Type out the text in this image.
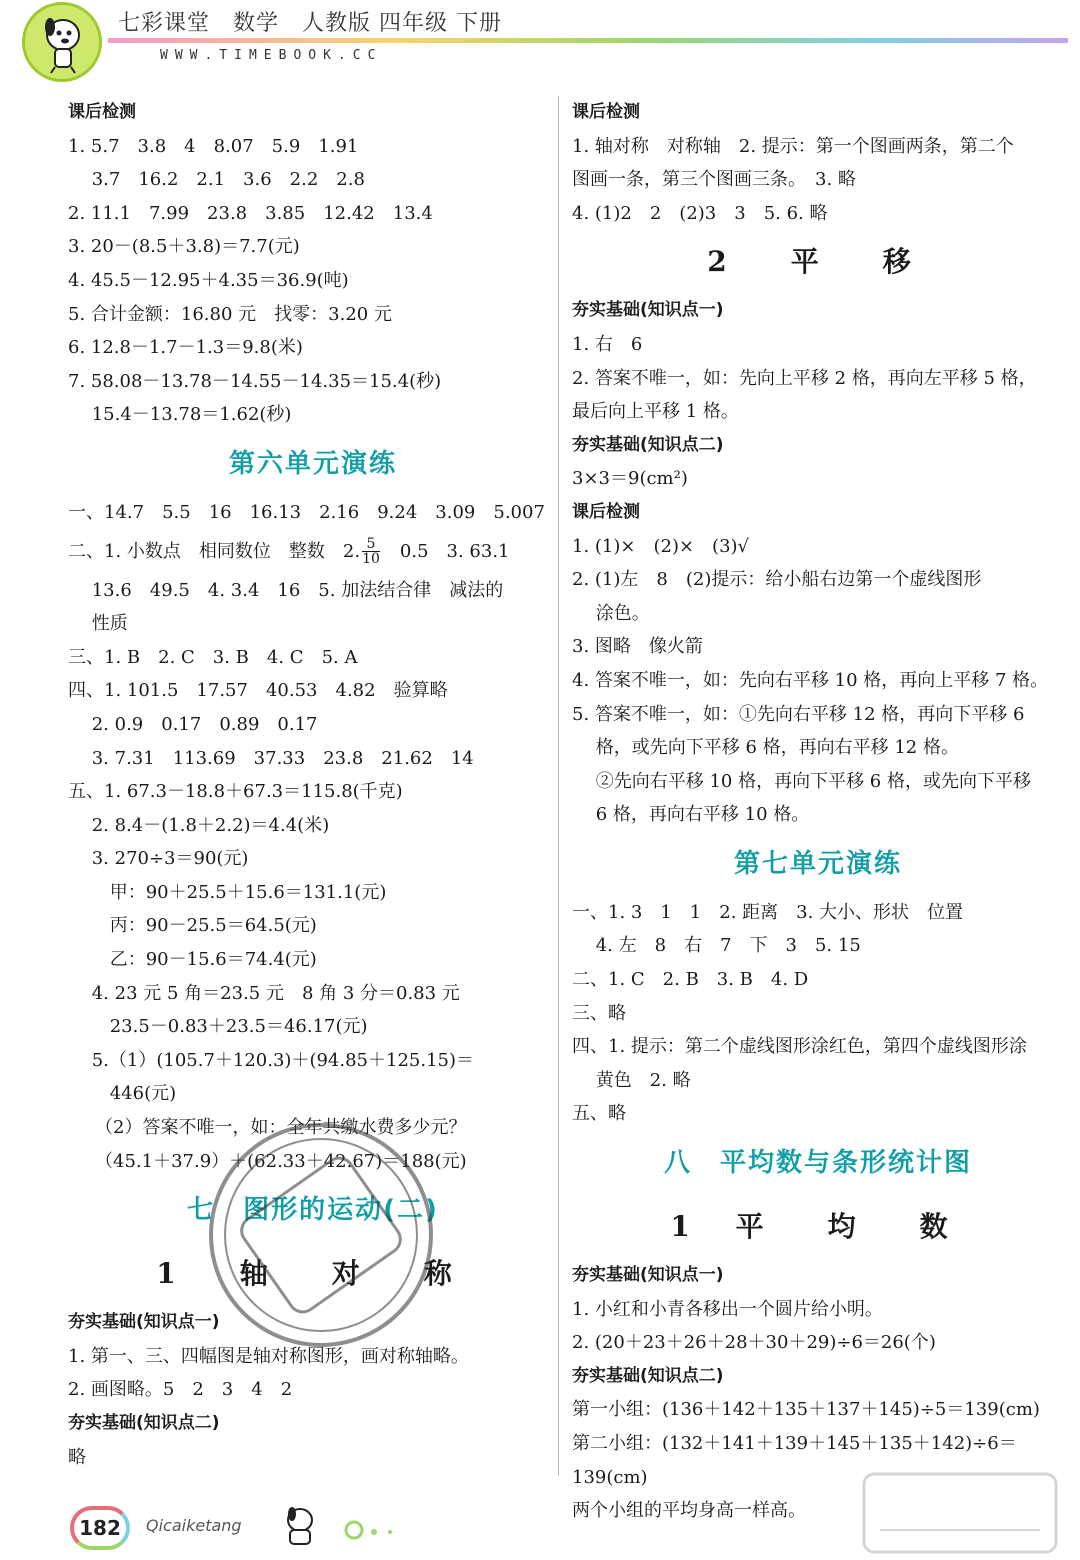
七彩课堂　数学　人教版 四年级 下册
WWW.TIMEBOOK.CC
课后检测
1. 5.7　3.8　4　8.07　5.9　1.91
　 3.7　16.2　2.1　3.6　2.2　2.8
2. 11.1　7.99　23.8　3.85　12.42　13.4
3. 20－(8.5＋3.8)＝7.7(元)
4. 45.5－12.95＋4.35＝36.9(吨)
5. 合计金额：16.80 元　找零：3.20 元
6. 12.8－1.7－1.3＝9.8(米)
7. 58.08－13.78－14.55－14.35＝15.4(秒)
　 15.4－13.78＝1.62(秒)
第六单元演练
一、14.7　5.5　16　16.13　2.16　9.24　3.09　5.007
二、1. 小数点　相同数位　整数　2. $\frac{5}{10}$ 　0.5　3. 63.1
　 13.6　49.5　4. 3.4　16　5. 加法结合律　减法的
　 性质
三、1. B　2. C　3. B　4. C　5. A
四、1. 101.5　17.57　40.53　4.82　验算略
　 2. 0.9　0.17　0.89　0.17
　 3. 7.31　113.69　37.33　23.8　21.62　14
五、1. 67.3－18.8＋67.3＝115.8(千克)
　 2. 8.4－(1.8＋2.2)＝4.4(米)
　 3. 270÷3＝90(元)
　　 甲：90＋25.5＋15.6＝131.1(元)
　　 丙：90－25.5＝64.5(元)
　　 乙：90－15.6＝74.4(元)
　 4. 23 元 5 角＝23.5 元　8 角 3 分＝0.83 元
　　 23.5－0.83＋23.5＝46.17(元)
　 5.（1）(105.7＋120.3)＋(94.85＋125.15)＝
　　 446(元)
　　（2）答案不唯一，如：全年共缴水费多少元？
　　（45.1＋37.9）＋(62.33＋42.67)＝188(元)
七　图形的运动(二)
1　轴　对　称
夯实基础(知识点一)
1. 第一、三、四幅图是轴对称图形，画对称轴略。
2. 画图略。5　2　3　4　2
夯实基础(知识点二)
略
课后检测
1. 轴对称　对称轴　2. 提示：第一个图画两条，第二个
图画一条，第三个图画三条。　3. 略
4. (1)2　2　(2)3　3　5. 6. 略
2　平　移
夯实基础(知识点一)
1. 右　6
2. 答案不唯一，如：先向上平移 2 格，再向左平移 5 格，
最后向上平移 1 格。
夯实基础(知识点二)
3×3＝9(cm²)
课后检测
1. (1)×　(2)×　(3)√
2. (1)左　8　(2)提示：给小船右边第一个虚线图形
　 涂色。
3. 图略　像火箭
4. 答案不唯一，如：先向右平移 10 格，再向上平移 7 格。
5. 答案不唯一，如：①先向右平移 12 格，再向下平移 6
　 格，或先向下平移 6 格，再向右平移 12 格。
　 ②先向右平移 10 格，再向下平移 6 格，或先向下平移
　 6 格，再向右平移 10 格。
第七单元演练
一、1. 3　1　1　2. 距离　3. 大小、形状　位置
　 4. 左　8　右　7　下　3　5. 15
二、1. C　2. B　3. B　4. D
三、略
四、1. 提示：第二个虚线图形涂红色，第四个虚线图形涂
　 黄色　2. 略
五、略
八　平均数与条形统计图
1 平　均　数
夯实基础(知识点一)
1. 小红和小青各移出一个圆片给小明。
2. (20＋23＋26＋28＋30＋29)÷6＝26(个)
夯实基础(知识点二)
第一小组：(136＋142＋135＋137＋145)÷5＝139(cm)
第二小组：(132＋141＋139＋145＋135＋142)÷6＝
139(cm)
两个小组的平均身高一样高。
182	Qicaiketang
